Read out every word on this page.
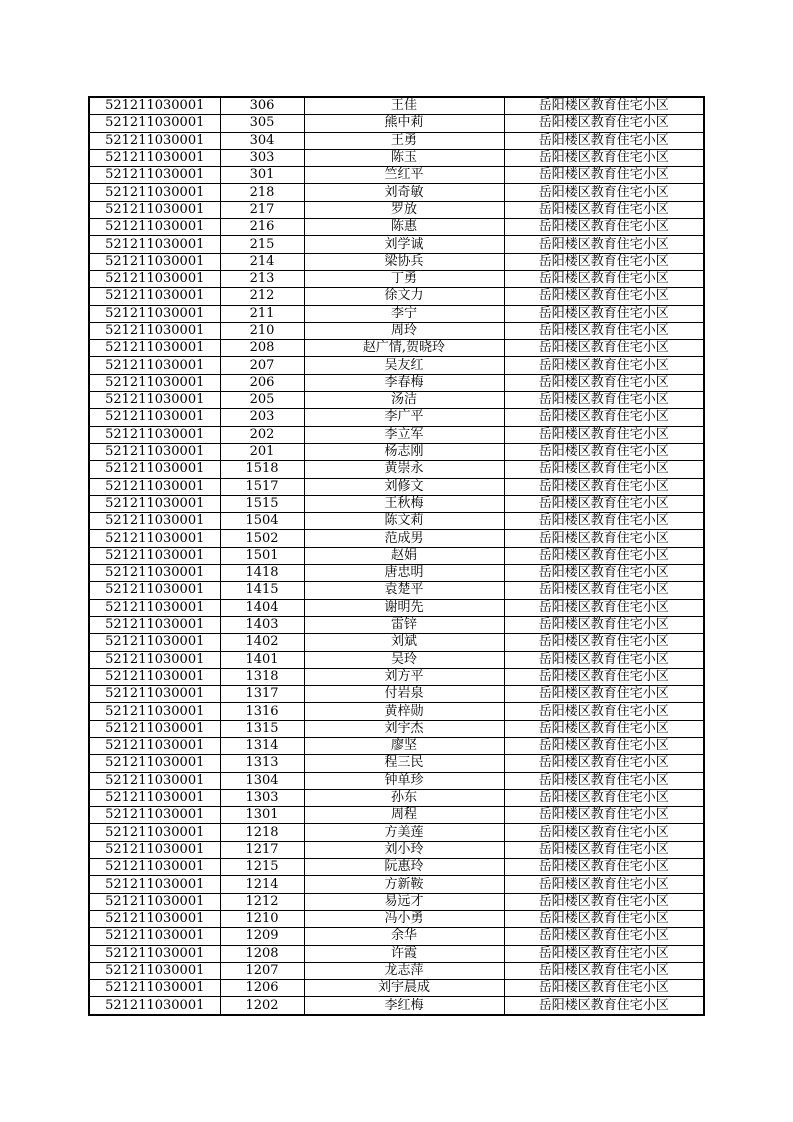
521211030001	306	王佳	岳阳楼区教育住宅小区
521211030001	305	熊中莉	岳阳楼区教育住宅小区
521211030001	304	王勇	岳阳楼区教育住宅小区
521211030001	303	陈玉	岳阳楼区教育住宅小区
521211030001	301	竺红平	岳阳楼区教育住宅小区
521211030001	218	刘奇敏	岳阳楼区教育住宅小区
521211030001	217	罗放	岳阳楼区教育住宅小区
521211030001	216	陈惠	岳阳楼区教育住宅小区
521211030001	215	刘学诚	岳阳楼区教育住宅小区
521211030001	214	梁协兵	岳阳楼区教育住宅小区
521211030001	213	丁勇	岳阳楼区教育住宅小区
521211030001	212	徐文力	岳阳楼区教育住宅小区
521211030001	211	李宁	岳阳楼区教育住宅小区
521211030001	210	周玲	岳阳楼区教育住宅小区
521211030001	208	赵广情,贺晓玲	岳阳楼区教育住宅小区
521211030001	207	吴友红	岳阳楼区教育住宅小区
521211030001	206	李春梅	岳阳楼区教育住宅小区
521211030001	205	汤洁	岳阳楼区教育住宅小区
521211030001	203	李广平	岳阳楼区教育住宅小区
521211030001	202	李立军	岳阳楼区教育住宅小区
521211030001	201	杨志刚	岳阳楼区教育住宅小区
521211030001	1518	黄崇永	岳阳楼区教育住宅小区
521211030001	1517	刘修文	岳阳楼区教育住宅小区
521211030001	1515	王秋梅	岳阳楼区教育住宅小区
521211030001	1504	陈文莉	岳阳楼区教育住宅小区
521211030001	1502	范成男	岳阳楼区教育住宅小区
521211030001	1501	赵娟	岳阳楼区教育住宅小区
521211030001	1418	唐忠明	岳阳楼区教育住宅小区
521211030001	1415	袁楚平	岳阳楼区教育住宅小区
521211030001	1404	谢明先	岳阳楼区教育住宅小区
521211030001	1403	雷锌	岳阳楼区教育住宅小区
521211030001	1402	刘斌	岳阳楼区教育住宅小区
521211030001	1401	吴玲	岳阳楼区教育住宅小区
521211030001	1318	刘方平	岳阳楼区教育住宅小区
521211030001	1317	付岩泉	岳阳楼区教育住宅小区
521211030001	1316	黄梓勋	岳阳楼区教育住宅小区
521211030001	1315	刘宇杰	岳阳楼区教育住宅小区
521211030001	1314	廖坚	岳阳楼区教育住宅小区
521211030001	1313	程三民	岳阳楼区教育住宅小区
521211030001	1304	钟单珍	岳阳楼区教育住宅小区
521211030001	1303	孙东	岳阳楼区教育住宅小区
521211030001	1301	周程	岳阳楼区教育住宅小区
521211030001	1218	方美莲	岳阳楼区教育住宅小区
521211030001	1217	刘小玲	岳阳楼区教育住宅小区
521211030001	1215	阮惠玲	岳阳楼区教育住宅小区
521211030001	1214	方新鞍	岳阳楼区教育住宅小区
521211030001	1212	易远才	岳阳楼区教育住宅小区
521211030001	1210	冯小勇	岳阳楼区教育住宅小区
521211030001	1209	余华	岳阳楼区教育住宅小区
521211030001	1208	许霞	岳阳楼区教育住宅小区
521211030001	1207	龙志萍	岳阳楼区教育住宅小区
521211030001	1206	刘宇晨成	岳阳楼区教育住宅小区
521211030001	1202	李红梅	岳阳楼区教育住宅小区
